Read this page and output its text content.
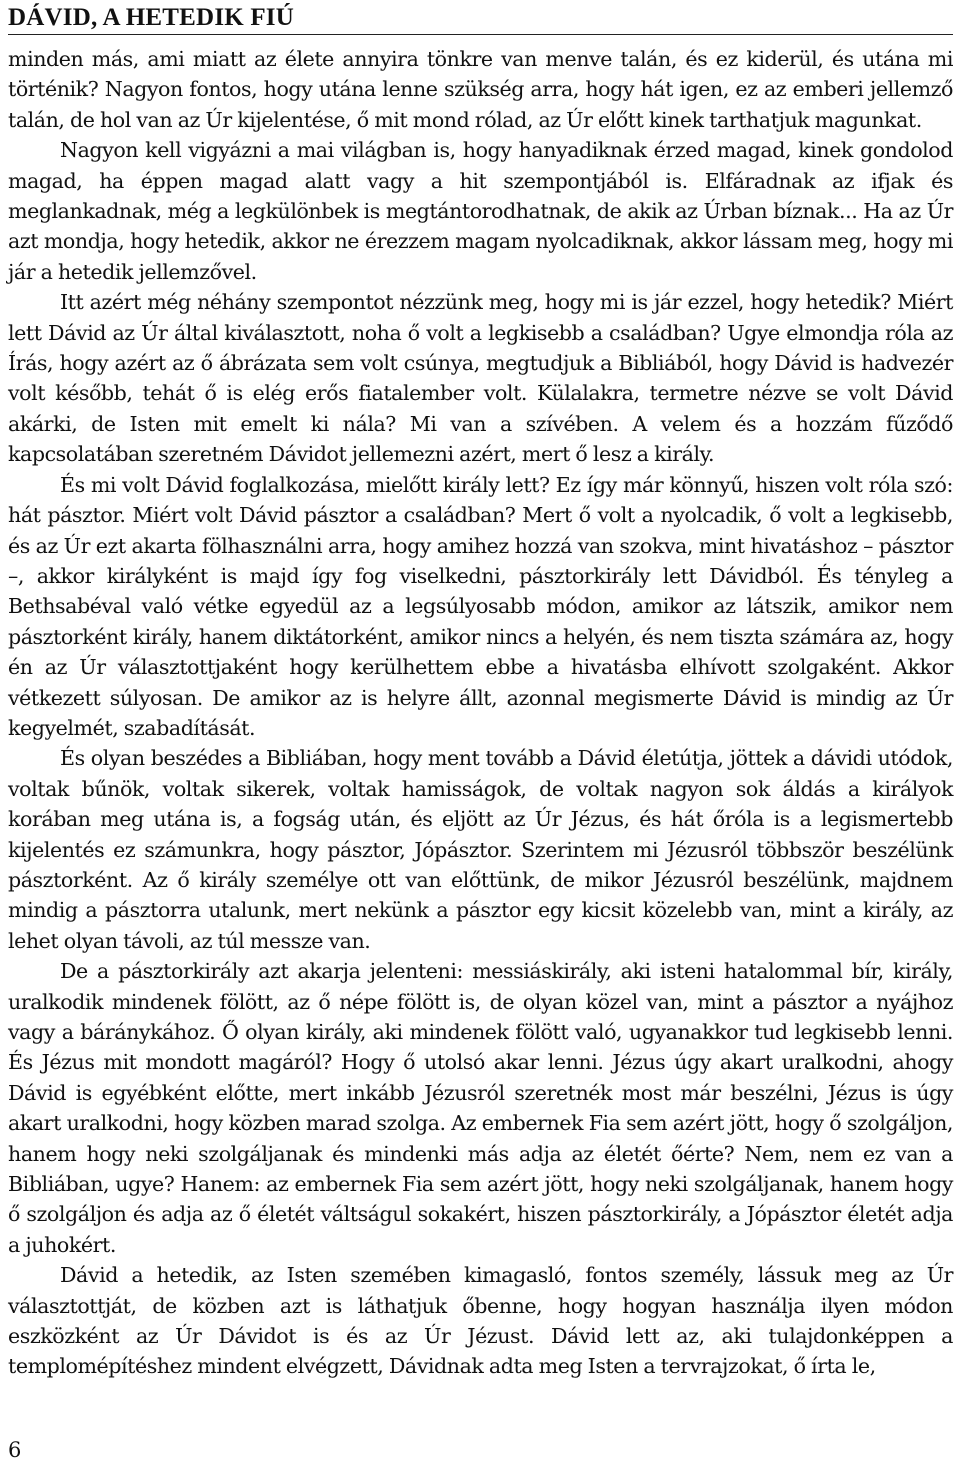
DÁVID, A HETEDIK FIÚ

minden más, ami miatt az élete annyira tönkre van menve talán, és ez kiderül, és utána mi történik? Nagyon fontos, hogy utána lenne szükség arra, hogy hát igen, ez az emberi jellemző talán, de hol van az Úr kijelentése, ő mit mond rólad, az Úr előtt kinek tarthatjuk magunkat.

Nagyon kell vigyázni a mai világban is, hogy hanyadiknak érzed magad, kinek gondolod magad, ha éppen magad alatt vagy a hit szempontjából is. Elfáradnak az ifjak és meglankadnak, még a legkülönbek is megtántorodhatnak, de akik az Úrban bíznak... Ha az Úr azt mondja, hogy hetedik, akkor ne érezzem magam nyolcadiknak, akkor lássam meg, hogy mi jár a hetedik jellemzővel.

Itt azért még néhány szempontot nézzünk meg, hogy mi is jár ezzel, hogy hetedik? Miért lett Dávid az Úr által kiválasztott, noha ő volt a legkisebb a családban? Ugye elmondja róla az Írás, hogy azért az ő ábrázata sem volt csúnya, megtudjuk a Bibliából, hogy Dávid is hadvezér volt később, tehát ő is elég erős fiatalember volt. Külalakra, termetre nézve se volt Dávid akárki, de Isten mit emelt ki nála? Mi van a szívében. A velem és a hozzám fűződő kapcsolatában szeretném Dávidot jellemezni azért, mert ő lesz a király.

És mi volt Dávid foglalkozása, mielőtt király lett? Ez így már könnyű, hiszen volt róla szó: hát pásztor. Miért volt Dávid pásztor a családban? Mert ő volt a nyolcadik, ő volt a legkisebb, és az Úr ezt akarta fölhasználni arra, hogy amihez hozzá van szokva, mint hivatáshoz – pásztor –, akkor királyként is majd így fog viselkedni, pásztorkirály lett Dávidból. És tényleg a Bethsabéval való vétke egyedül az a legsúlyosabb módon, amikor az látszik, amikor nem pásztorként király, hanem diktátorként, amikor nincs a helyén, és nem tiszta számára az, hogy én az Úr választottjaként hogy kerülhettem ebbe a hivatásba elhívott szolgaként. Akkor vétkezett súlyosan. De amikor az is helyre állt, azonnal megismerte Dávid is mindig az Úr kegyelmét, szabadítását.

És olyan beszédes a Bibliában, hogy ment tovább a Dávid életútja, jöttek a dávidi utódok, voltak bűnök, voltak sikerek, voltak hamisságok, de voltak nagyon sok áldás a királyok korában meg utána is, a fogság után, és eljött az Úr Jézus, és hát őróla is a legismertebb kijelentés ez számunkra, hogy pásztor, Jópásztor. Szerintem mi Jézusról többször beszélünk pásztorként. Az ő király személye ott van előttünk, de mikor Jézusról beszélünk, majdnem mindig a pásztorra utalunk, mert nekünk a pásztor egy kicsit közelebb van, mint a király, az lehet olyan távoli, az túl messze van.

De a pásztorkirály azt akarja jelenteni: messiáskirály, aki isteni hatalommal bír, király, uralkodik mindenek fölött, az ő népe fölött is, de olyan közel van, mint a pásztor a nyájhoz vagy a báránykához. Ő olyan király, aki mindenek fölött való, ugyanakkor tud legkisebb lenni. És Jézus mit mondott magáról? Hogy ő utolsó akar lenni. Jézus úgy akart uralkodni, ahogy Dávid is egyébként előtte, mert inkább Jézusról szeretnék most már beszélni, Jézus is úgy akart uralkodni, hogy közben marad szolga. Az embernek Fia sem azért jött, hogy ő szolgáljon, hanem hogy neki szolgáljanak és mindenki más adja az életét őérte? Nem, nem ez van a Bibliában, ugye? Hanem: az embernek Fia sem azért jött, hogy neki szolgáljanak, hanem hogy ő szolgáljon és adja az ő életét váltságul sokakért, hiszen pásztorkirály, a Jópásztor életét adja a juhokért.

Dávid a hetedik, az Isten szemében kimagasló, fontos személy, lássuk meg az Úr választottját, de közben azt is láthatjuk őbenne, hogy hogyan használja ilyen módon eszközként az Úr Dávidot is és az Úr Jézust. Dávid lett az, aki tulajdonképpen a templomépítéshez mindent elvégzett, Dávidnak adta meg Isten a tervrajzokat, ő írta le,

6
